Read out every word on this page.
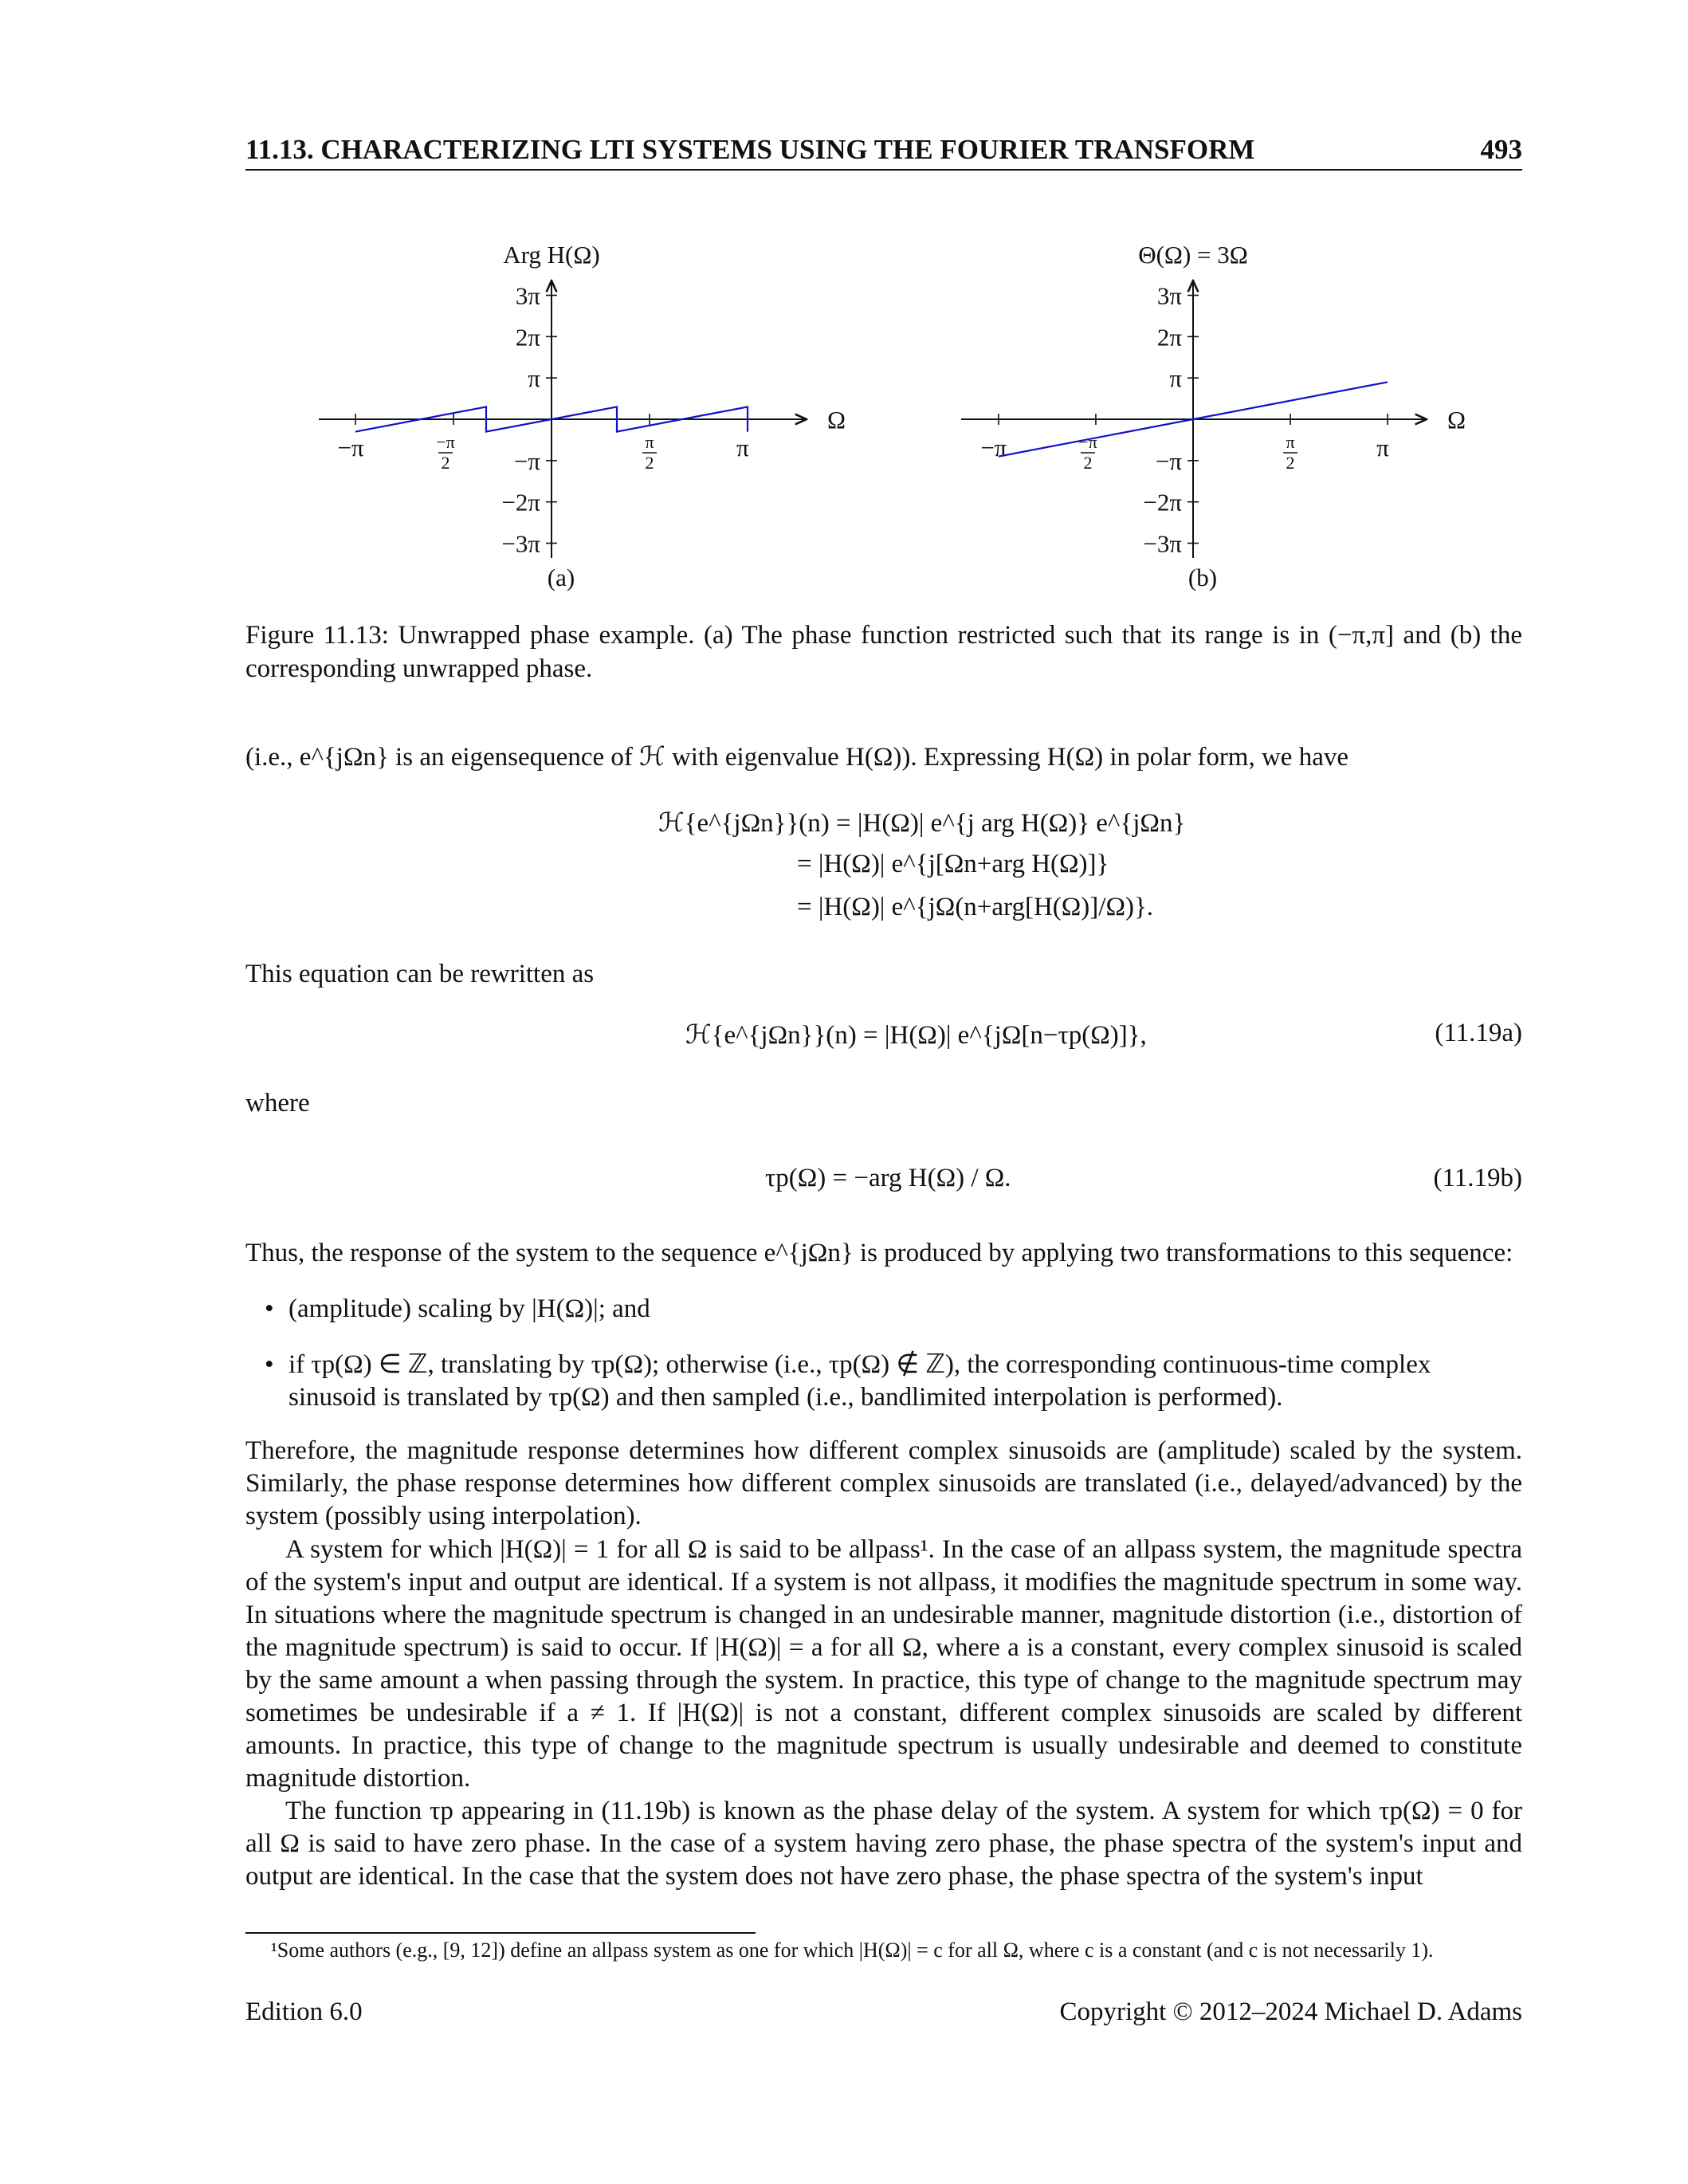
11.13. CHARACTERIZING LTI SYSTEMS USING THE FOURIER TRANSFORM	493
−π	−π
2
π
2
π
3π
2π
π
−π
−2π
−3π
Arg H(Ω)
Ω
(a)
−π	−π
2
π
2
π
3π
2π
π
−π
−2π
−3π
Θ(Ω) = 3Ω
Ω
(b)
Figure 11.13: Unwrapped phase example. (a) The phase function restricted such that its range is in (−π,π] and (b) the corresponding unwrapped phase.
(i.e., e^{jΩn} is an eigensequence of ℋ with eigenvalue H(Ω)). Expressing H(Ω) in polar form, we have
ℋ{e^{jΩn}}(n) = |H(Ω)| e^{j arg H(Ω)} e^{jΩn}
= |H(Ω)| e^{j[Ωn+arg H(Ω)]}
= |H(Ω)| e^{jΩ(n+arg[H(Ω)]/Ω)}.
This equation can be rewritten as
ℋ{e^{jΩn}}(n) = |H(Ω)| e^{jΩ[n−τp(Ω)]},	(11.19a)
where
τp(Ω) = −arg H(Ω) / Ω.	(11.19b)
Thus, the response of the system to the sequence e^{jΩn} is produced by applying two transformations to this sequence:
• (amplitude) scaling by |H(Ω)|; and
• if τp(Ω) ∈ ℤ, translating by τp(Ω); otherwise (i.e., τp(Ω) ∉ ℤ), the corresponding continuous-time complex sinusoid is translated by τp(Ω) and then sampled (i.e., bandlimited interpolation is performed).
Therefore, the magnitude response determines how different complex sinusoids are (amplitude) scaled by the system. Similarly, the phase response determines how different complex sinusoids are translated (i.e., delayed/advanced) by the system (possibly using interpolation).
A system for which |H(Ω)| = 1 for all Ω is said to be allpass¹. In the case of an allpass system, the magnitude spectra of the system's input and output are identical. If a system is not allpass, it modifies the magnitude spectrum in some way. In situations where the magnitude spectrum is changed in an undesirable manner, magnitude distortion (i.e., distortion of the magnitude spectrum) is said to occur. If |H(Ω)| = a for all Ω, where a is a constant, every complex sinusoid is scaled by the same amount a when passing through the system. In practice, this type of change to the magnitude spectrum may sometimes be undesirable if a ≠ 1. If |H(Ω)| is not a constant, different complex sinusoids are scaled by different amounts. In practice, this type of change to the magnitude spectrum is usually undesirable and deemed to constitute magnitude distortion.
The function τp appearing in (11.19b) is known as the phase delay of the system. A system for which τp(Ω) = 0 for all Ω is said to have zero phase. In the case of a system having zero phase, the phase spectra of the system's input and output are identical. In the case that the system does not have zero phase, the phase spectra of the system's input
¹Some authors (e.g., [9, 12]) define an allpass system as one for which |H(Ω)| = c for all Ω, where c is a constant (and c is not necessarily 1).
Edition 6.0	Copyright © 2012–2024 Michael D. Adams
